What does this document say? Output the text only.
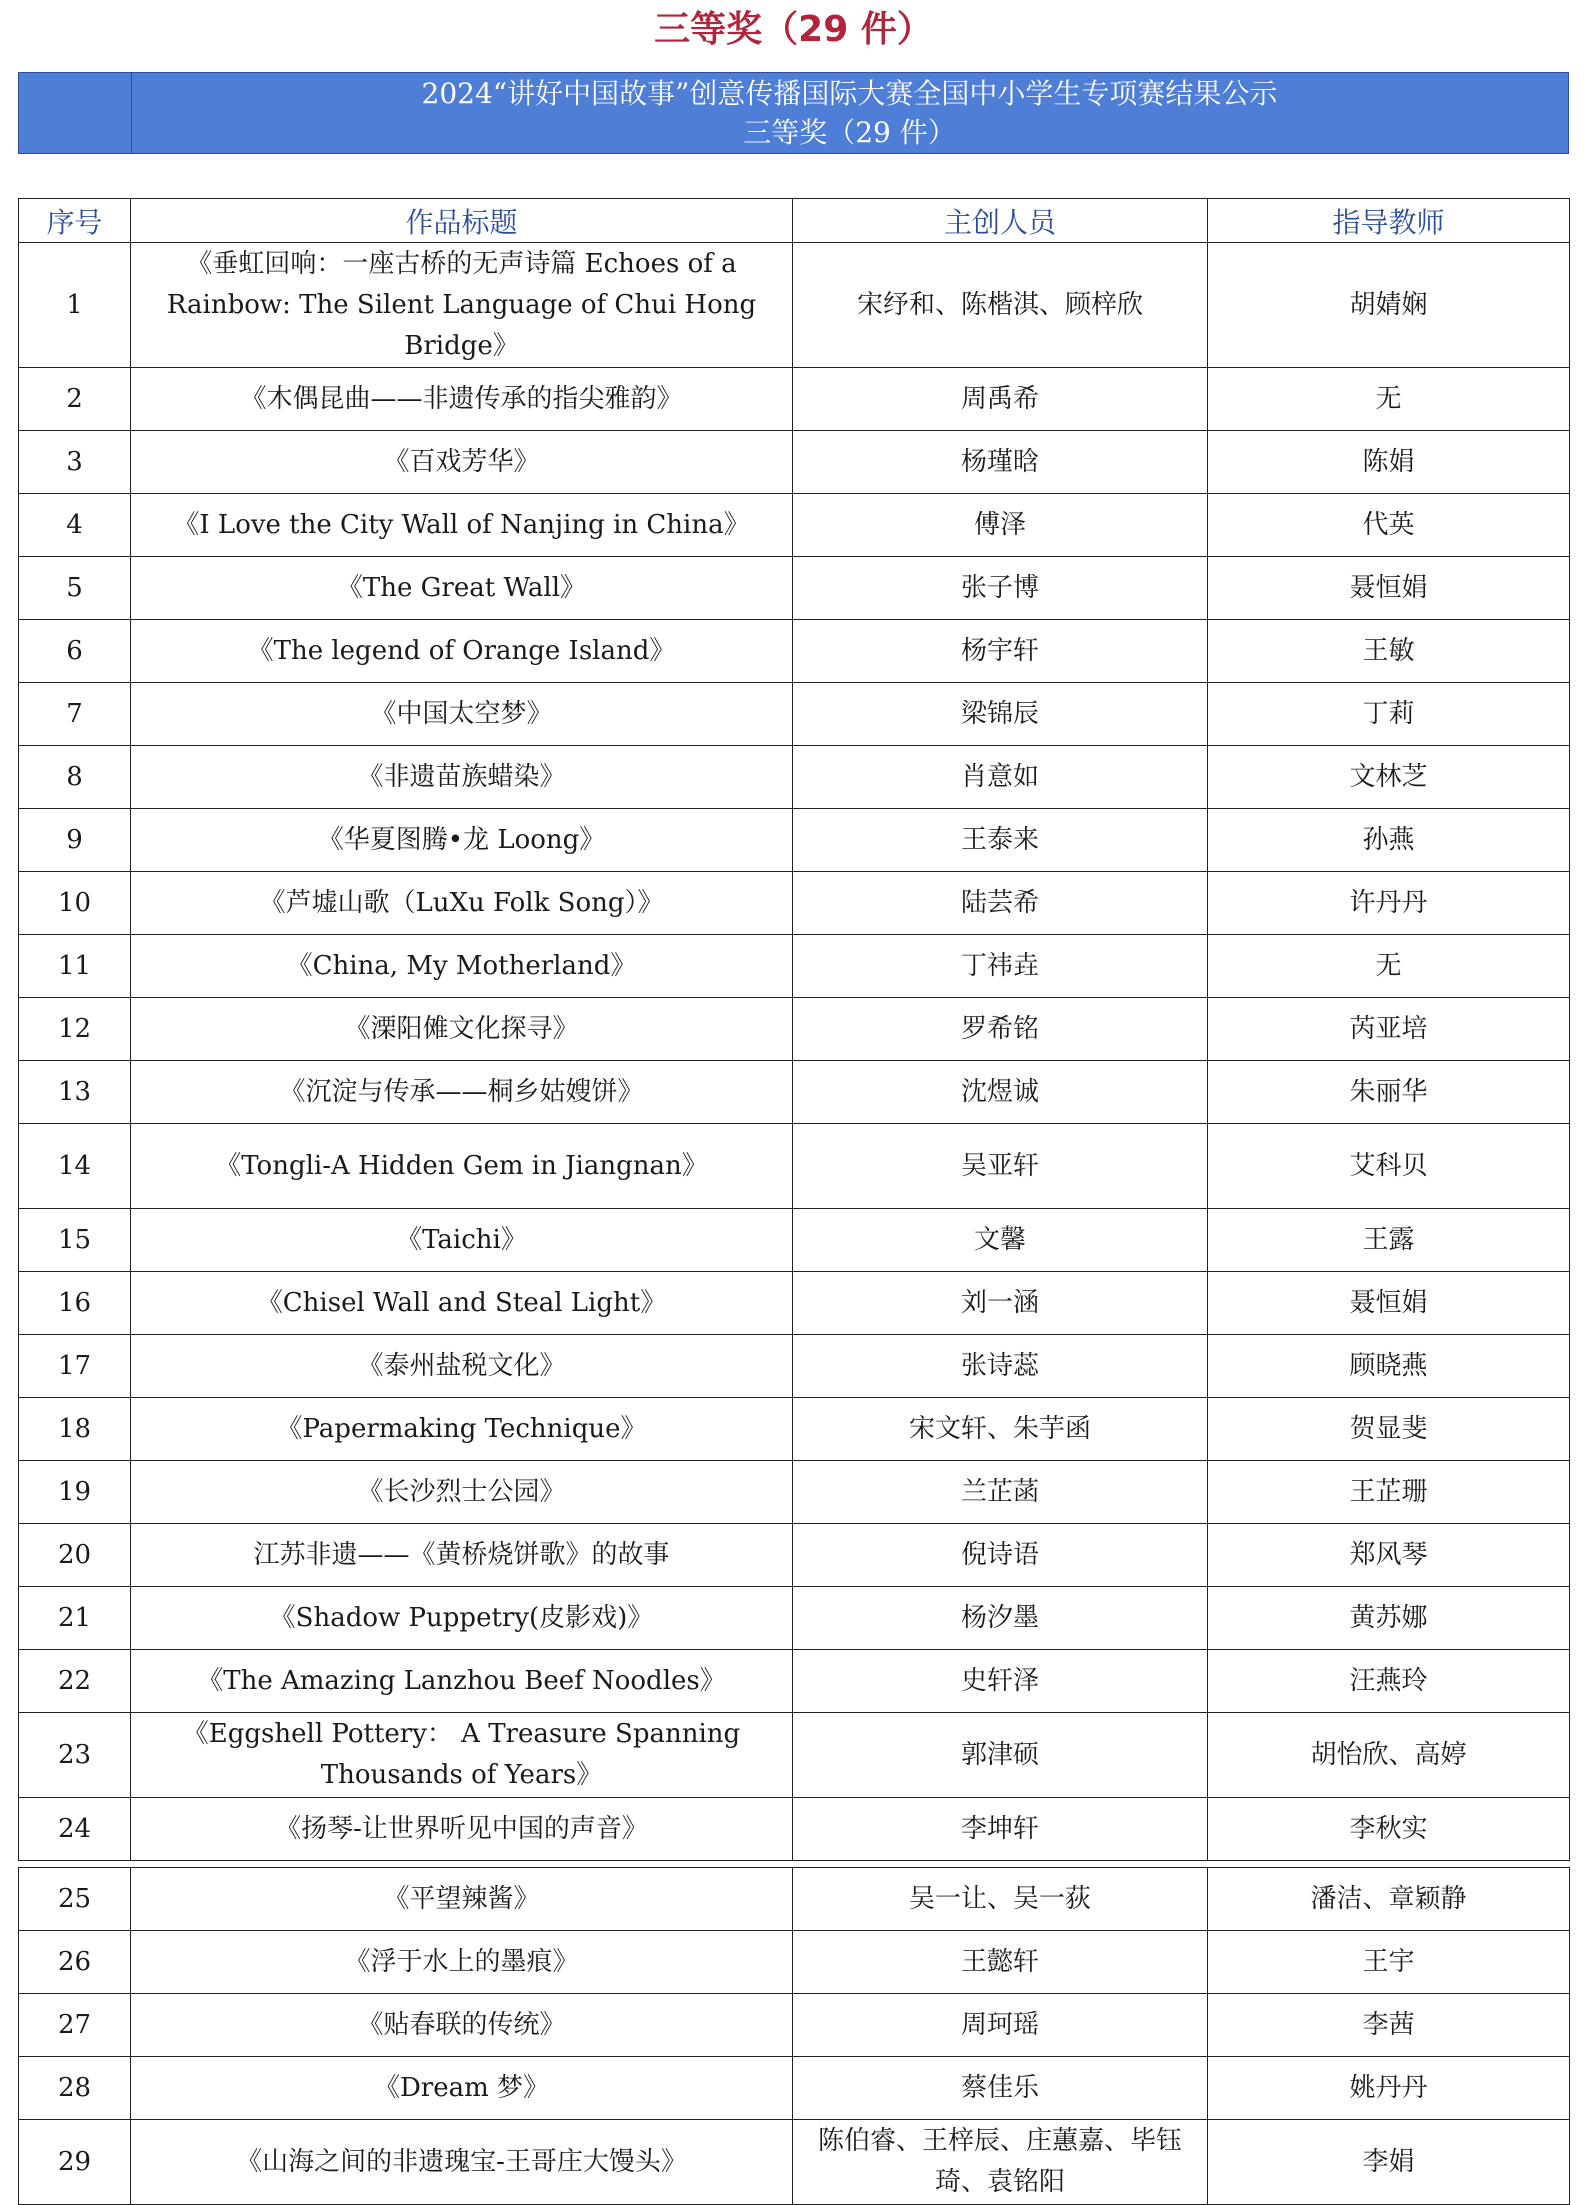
三等奖（29 件）
2024“讲好中国故事”创意传播国际大赛全国中小学生专项赛结果公示
三等奖（29 件）
序号	作品标题	主创人员	指导教师
1	《垂虹回响：一座古桥的无声诗篇 Echoes of a Rainbow: The Silent Language of Chui Hong Bridge》	宋纾和、陈楷淇、顾梓欣	胡婧娴
2	《木偶昆曲——非遗传承的指尖雅韵》	周禹希	无
3	《百戏芳华》	杨瑾晗	陈娟
4	《I Love the City Wall of Nanjing in China》	傅泽	代英
5	《The Great Wall》	张子博	聂恒娟
6	《The legend of Orange Island》	杨宇轩	王敏
7	《中国太空梦》	梁锦辰	丁莉
8	《非遗苗族蜡染》	肖意如	文林芝
9	《华夏图腾•龙 Loong》	王泰来	孙燕
10	《芦墟山歌（LuXu Folk Song）》	陆芸希	许丹丹
11	《China, My Motherland》	丁祎垚	无
12	《溧阳傩文化探寻》	罗希铭	芮亚培
13	《沉淀与传承——桐乡姑嫂饼》	沈煜诚	朱丽华
14	《Tongli-A Hidden Gem in Jiangnan》	吴亚轩	艾科贝
15	《Taichi》	文馨	王露
16	《Chisel Wall and Steal Light》	刘一涵	聂恒娟
17	《泰州盐税文化》	张诗蕊	顾晓燕
18	《Papermaking Technique》	宋文轩、朱芋函	贺显斐
19	《长沙烈士公园》	兰芷菡	王芷珊
20	江苏非遗——《黄桥烧饼歌》的故事	倪诗语	郑风琴
21	《Shadow Puppetry(皮影戏)》	杨汐墨	黄苏娜
22	《The Amazing Lanzhou Beef Noodles》	史轩泽	汪燕玲
23	《Eggshell Pottery： A Treasure Spanning Thousands of Years》	郭津硕	胡怡欣、高婷
24	《扬琴-让世界听见中国的声音》	李坤轩	李秋实

25	《平望辣酱》	吴一让、吴一荻	潘洁、章颖静
26	《浮于水上的墨痕》	王懿轩	王宇
27	《贴春联的传统》	周珂瑶	李茜
28	《Dream 梦》	蔡佳乐	姚丹丹
29	《山海之间的非遗瑰宝-王哥庄大馒头》	陈伯睿、王梓辰、庄蕙嘉、毕钰琦、袁铭阳	李娟
